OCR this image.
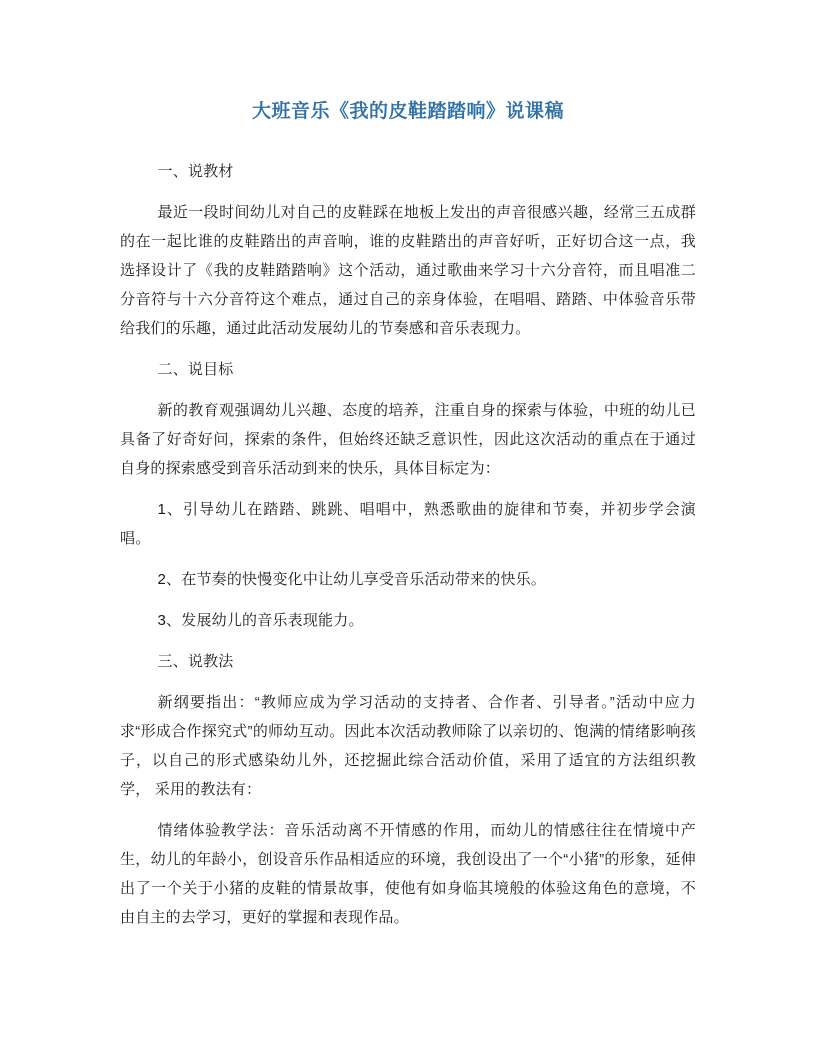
大班音乐《我的皮鞋踏踏响》说课稿

一、说教材

最近一段时间幼儿对自己的皮鞋踩在地板上发出的声音很感兴趣，经常三五成群的在一起比谁的皮鞋踏出的声音响，谁的皮鞋踏出的声音好听，正好切合这一点，我选择设计了《我的皮鞋踏踏响》这个活动，通过歌曲来学习十六分音符，而且唱准二分音符与十六分音符这个难点，通过自己的亲身体验，在唱唱、踏踏、中体验音乐带给我们的乐趣，通过此活动发展幼儿的节奏感和音乐表现力。

二、说目标

新的教育观强调幼儿兴趣、态度的培养，注重自身的探索与体验，中班的幼儿已具备了好奇好问，探索的条件，但始终还缺乏意识性，因此这次活动的重点在于通过自身的探索感受到音乐活动到来的快乐，具体目标定为：

1、引导幼儿在踏踏、跳跳、唱唱中，熟悉歌曲的旋律和节奏，并初步学会演唱。

2、在节奏的快慢变化中让幼儿享受音乐活动带来的快乐。

3、发展幼儿的音乐表现能力。

三、说教法

新纲要指出：“教师应成为学习活动的支持者、合作者、引导者。”活动中应力求“形成合作探究式”的师幼互动。因此本次活动教师除了以亲切的、饱满的情绪影响孩 子，以自己的形式感染幼儿外，还挖掘此综合活动价值，采用了适宜的方法组织教学， 采用的教法有：

情绪体验教学法：音乐活动离不开情感的作用，而幼儿的情感往往在情境中产生，幼儿的年龄小，创设音乐作品相适应的环境，我创设出了一个“小猪”的形象，延伸出了一个关于小猪的皮鞋的情景故事，使他有如身临其境般的体验这角色的意境，不由自主的去学习，更好的掌握和表现作品。
